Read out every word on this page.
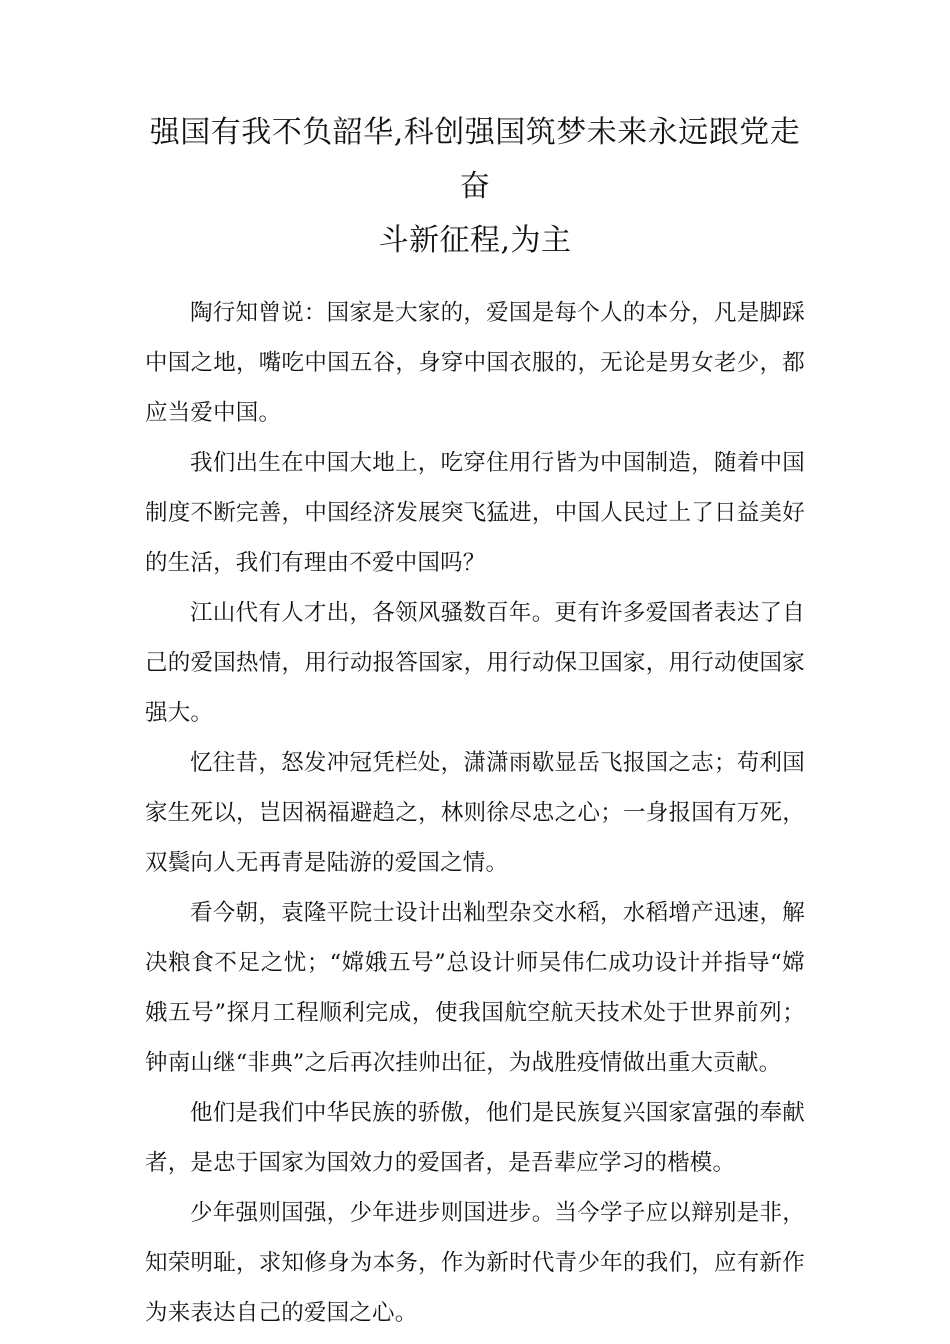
强国有我不负韶华,科创强国筑梦未来永远跟党走奋
斗新征程,为主

陶行知曾说：国家是大家的，爱国是每个人的本分，凡是脚踩中国之地，嘴吃中国五谷，身穿中国衣服的，无论是男女老少，都应当爱中国。

我们出生在中国大地上，吃穿住用行皆为中国制造，随着中国制度不断完善，中国经济发展突飞猛进，中国人民过上了日益美好的生活，我们有理由不爱中国吗？

江山代有人才出，各领风骚数百年。更有许多爱国者表达了自己的爱国热情，用行动报答国家，用行动保卫国家，用行动使国家强大。

忆往昔，怒发冲冠凭栏处，潇潇雨歇显岳飞报国之志；苟利国家生死以，岂因祸福避趋之，林则徐尽忠之心；一身报国有万死，双鬓向人无再青是陆游的爱国之情。

看今朝，袁隆平院士设计出籼型杂交水稻，水稻增产迅速，解决粮食不足之忧；“嫦娥五号”总设计师吴伟仁成功设计并指导“嫦娥五号”探月工程顺利完成，使我国航空航天技术处于世界前列；钟南山继“非典”之后再次挂帅出征，为战胜疫情做出重大贡献。

他们是我们中华民族的骄傲，他们是民族复兴国家富强的奉献者，是忠于国家为国效力的爱国者，是吾辈应学习的楷模。

少年强则国强，少年进步则国进步。当今学子应以辩别是非，知荣明耻，求知修身为本务，作为新时代青少年的我们，应有新作为来表达自己的爱国之心。
